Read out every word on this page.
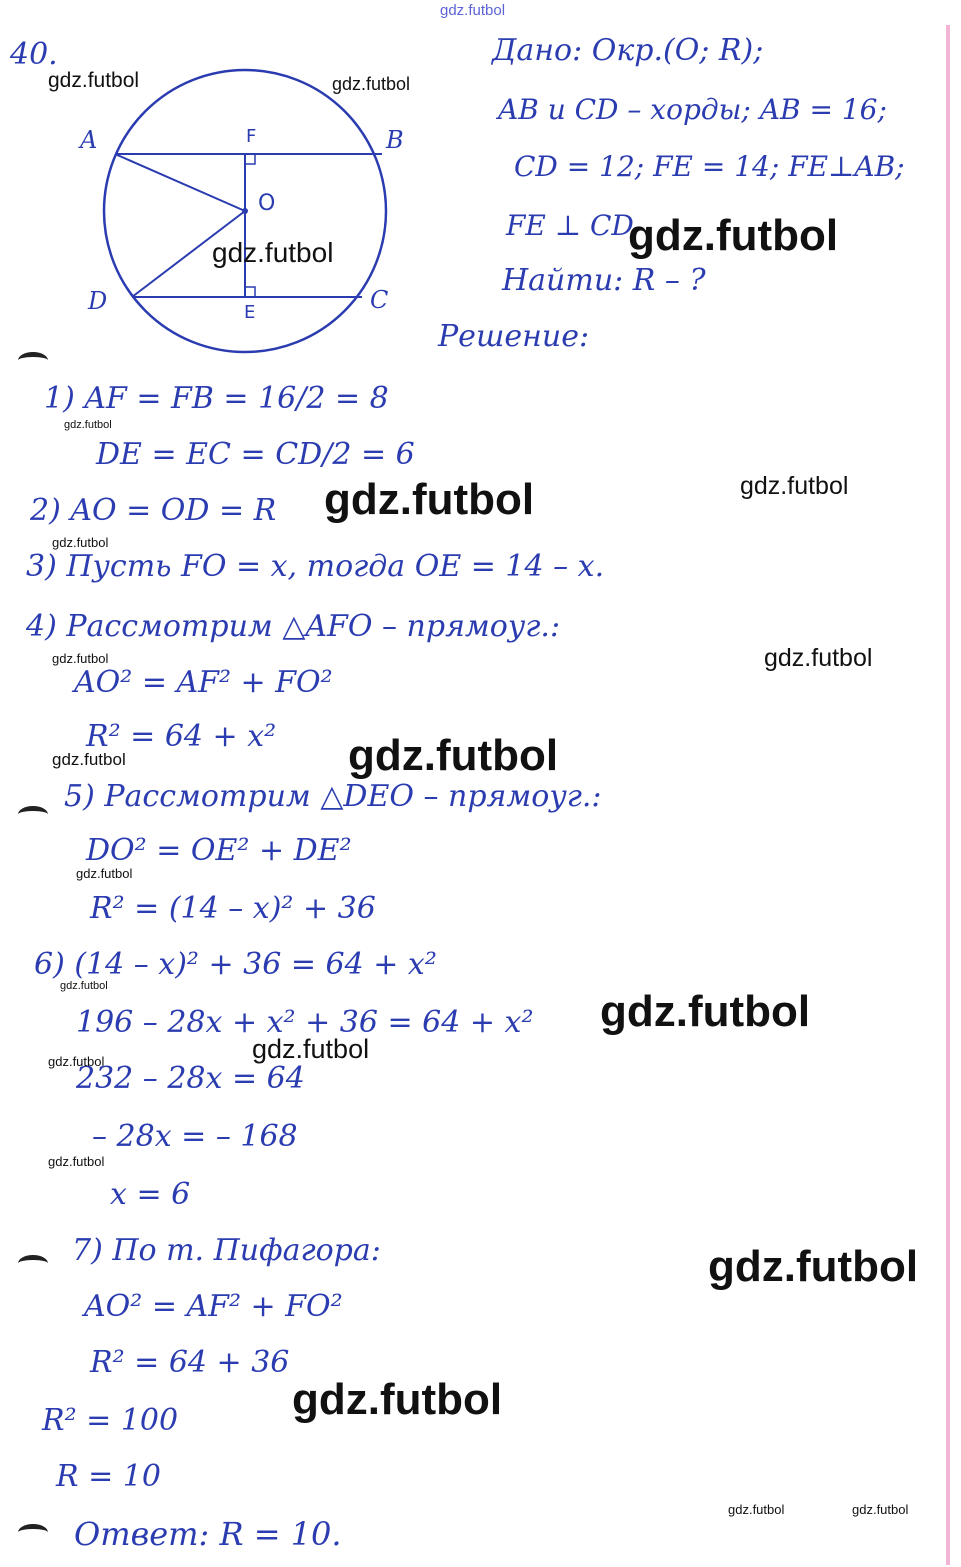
A	B
C
D
F
O
E
40.	Дано: Окр.(O; R);
AB и CD – хорды; AB = 16;
CD = 12; FE = 14; FE⊥AB;
FE ⊥ CD
Найти: R – ?
Решение:
1) AF = FB = 16/2 = 8
DE = EC = CD/2 = 6
2) AO = OD = R
3) Пусть FO = x, тогда OE = 14 – x.
4) Рассмотрим △AFO – прямоуг.:
AO² = AF² + FO²
R² = 64 + x²
5) Рассмотрим △DEO – прямоуг.:
DO² = OE² + DE²
R² = (14 – x)² + 36
6) (14 – x)² + 36 = 64 + x²
196 – 28x + x² + 36 = 64 + x²
232 – 28x = 64
– 28x = – 168
x = 6
7) По т. Пифагора:
AO² = AF² + FO²
R² = 64 + 36
R² = 100
R = 10
Ответ: R = 10.
gdz.futbol
gdz.futbol	gdz.futbol
gdz.futbol
gdz.futbol
gdz.futbol
gdz.futbol
gdz.futbol
gdz.futbol
gdz.futbol	gdz.futbol
gdz.futbol
gdz.futbol
gdz.futbol
gdz.futbol
gdz.futbol
gdz.futbol
gdz.futbol
gdz.futbol
gdz.futbol
gdz.futbol
gdz.futbol	gdz.futbol
